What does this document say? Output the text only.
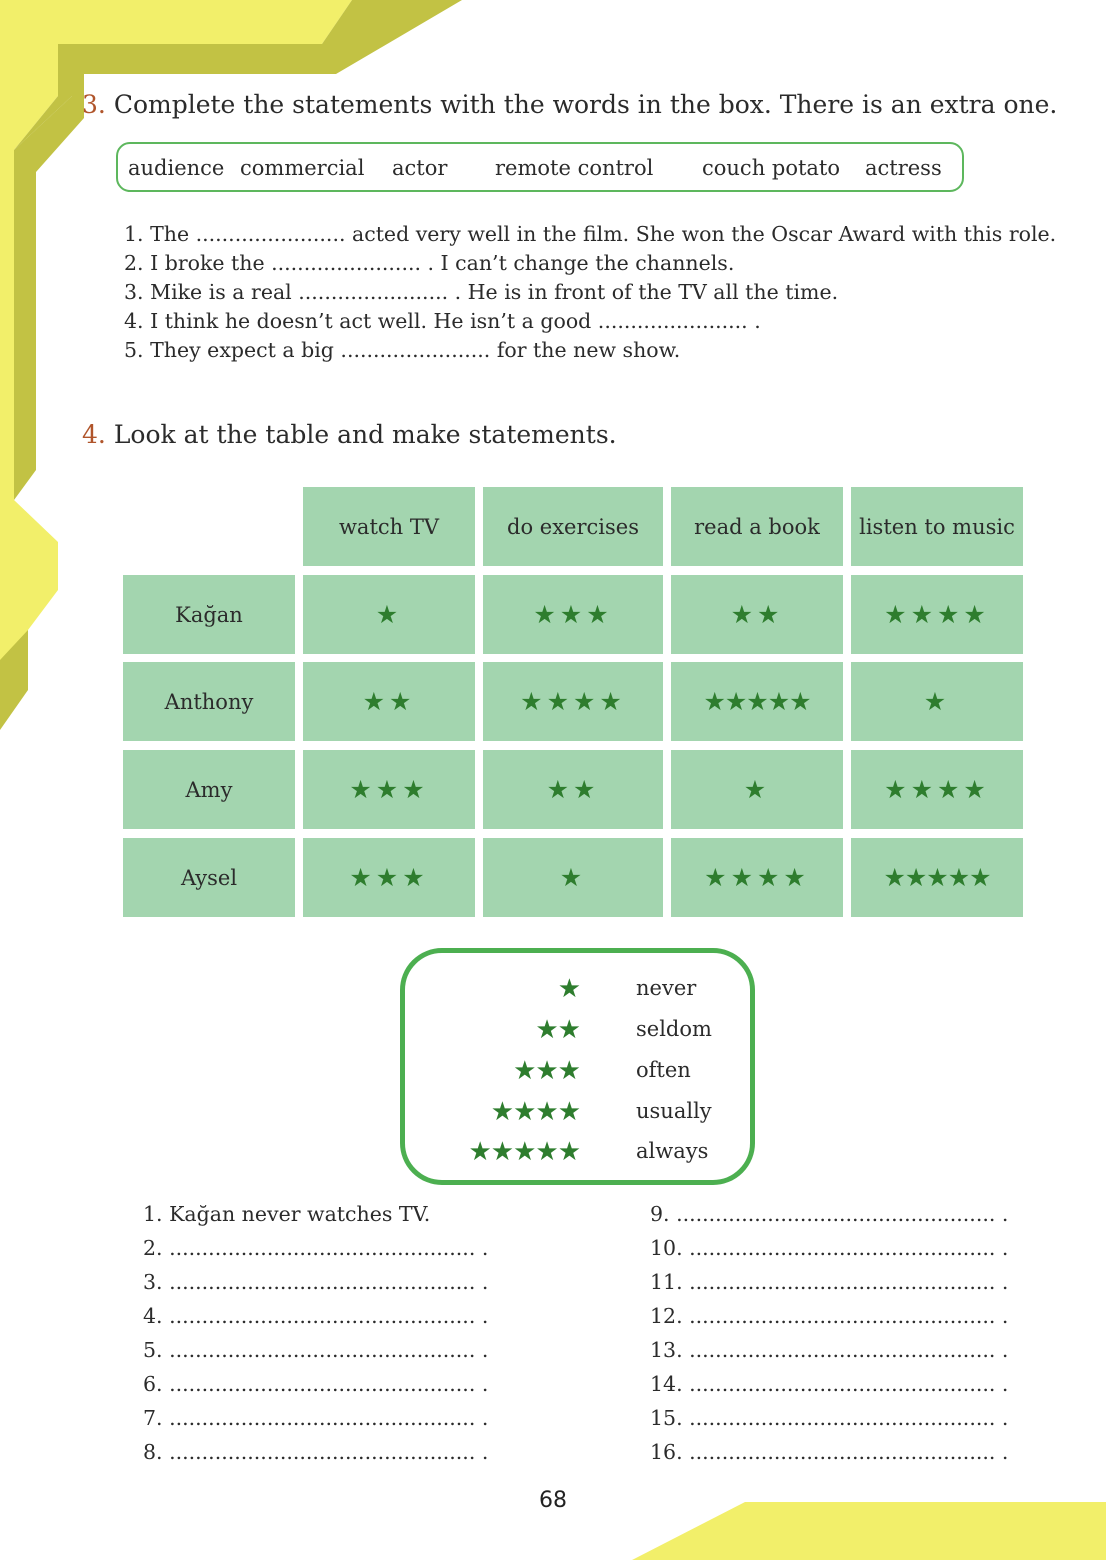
3. Complete the statements with the words in the box. There is an extra one.
audience commercial actor remote control couch potato actress
1. The ....................... acted very well in the film. She won the Oscar Award with this role.
2. I broke the ....................... . I can’t change the channels.
3. Mike is a real ....................... . He is in front of the TV all the time.
4. I think he doesn’t act well. He isn’t a good ....................... .
5. They expect a big ....................... for the new show.
4. Look at the table and make statements.
watch TV	do exercises	read a book	listen to music
Kağan	★	★★★	★★	★★★★
Anthony	★★	★★★★	★★★★★	★
Amy	★★★	★★	★	★★★★
Aysel	★★★	★	★★★★	★★★★★
★	never
★★	seldom
★★★	often
★★★★	usually
★★★★★	always
1. Kağan never watches TV.
2. ............................................... .
3. ............................................... .
4. ............................................... .
5. ............................................... .
6. ............................................... .
7. ............................................... .
8. ............................................... .
9. ................................................. .
10. ............................................... .
11. ............................................... .
12. ............................................... .
13. ............................................... .
14. ............................................... .
15. ............................................... .
16. ............................................... .
68
